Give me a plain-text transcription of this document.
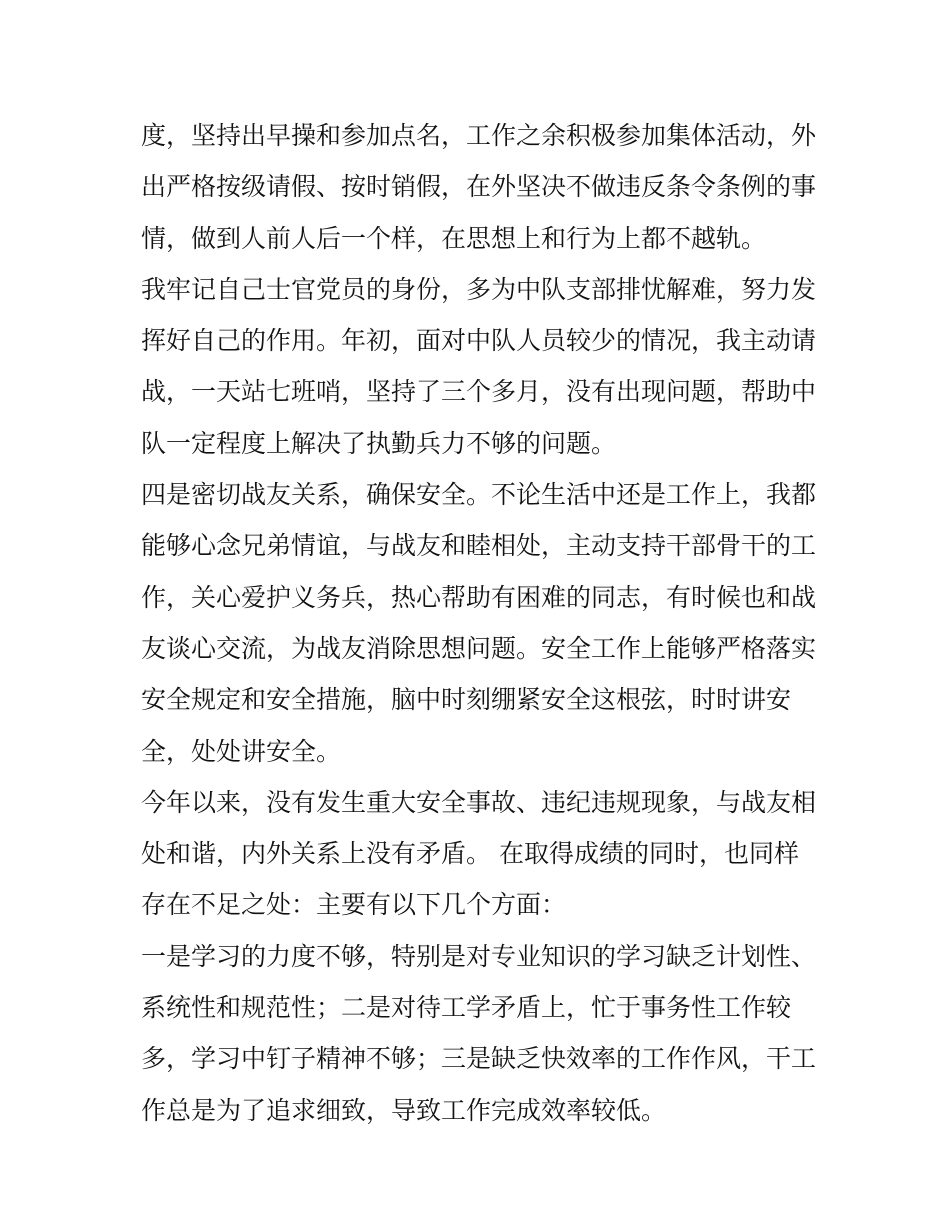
度，坚持出早操和参加点名，工作之余积极参加集体活动，外
出严格按级请假、按时销假，在外坚决不做违反条令条例的事
情，做到人前人后一个样，在思想上和行为上都不越轨。
我牢记自己士官党员的身份，多为中队支部排忧解难，努力发
挥好自己的作用。年初，面对中队人员较少的情况，我主动请
战，一天站七班哨，坚持了三个多月，没有出现问题，帮助中
队一定程度上解决了执勤兵力不够的问题。
四是密切战友关系，确保安全。不论生活中还是工作上，我都
能够心念兄弟情谊，与战友和睦相处，主动支持干部骨干的工
作，关心爱护义务兵，热心帮助有困难的同志，有时候也和战
友谈心交流，为战友消除思想问题。安全工作上能够严格落实
安全规定和安全措施，脑中时刻绷紧安全这根弦，时时讲安
全，处处讲安全。
今年以来，没有发生重大安全事故、违纪违规现象，与战友相
处和谐，内外关系上没有矛盾。 在取得成绩的同时，也同样
存在不足之处：主要有以下几个方面：
一是学习的力度不够，特别是对专业知识的学习缺乏计划性、
系统性和规范性；二是对待工学矛盾上，忙于事务性工作较
多，学习中钉子精神不够；三是缺乏快效率的工作作风，干工
作总是为了追求细致，导致工作完成效率较低。
